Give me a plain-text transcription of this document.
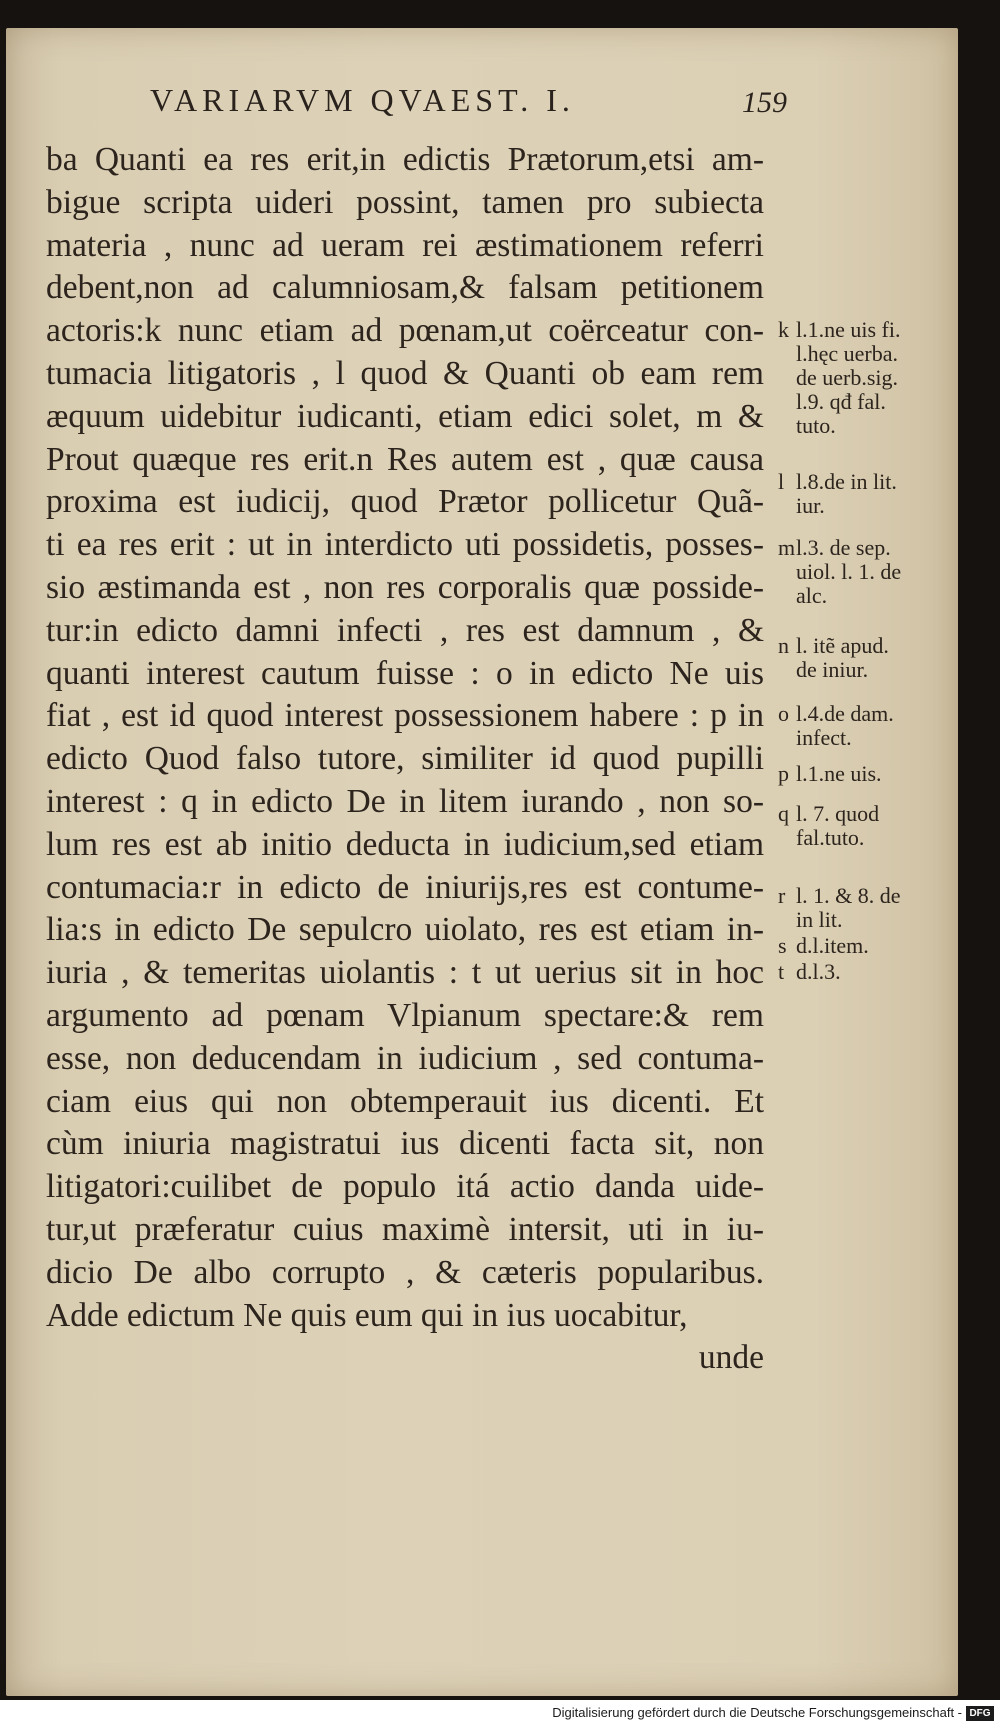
VARIARVM QVAEST. I.	159
ba Quanti ea res erit,in edictis Prætorum,etsi am-
bigue scripta uideri possint, tamen pro subiecta
materia , nunc ad ueram rei æstimationem referri
debent,non ad calumniosam,& falsam petitionem
actoris:k nunc etiam ad pœnam,ut coërceatur con-
tumacia litigatoris , l quod & Quanti ob eam rem
æquum uidebitur iudicanti, etiam edici solet, m &
Prout quæque res erit.n Res autem est , quæ causa
proxima est iudicij, quod Prætor pollicetur Quã-
ti ea res erit : ut in interdicto uti possidetis, posses-
sio æstimanda est , non res corporalis quæ posside-
tur:in edicto damni infecti , res est damnum , &
quanti interest cautum fuisse : o in edicto Ne uis
fiat , est id quod interest possessionem habere : p in
edicto Quod falso tutore, similiter id quod pupilli
interest : q in edicto De in litem iurando , non so-
lum res est ab initio deducta in iudicium,sed etiam
contumacia:r in edicto de iniurijs,res est contume-
lia:s in edicto De sepulcro uiolato, res est etiam in-
iuria , & temeritas uiolantis : t ut uerius sit in hoc
argumento ad pœnam Vlpianum spectare:& rem
esse, non deducendam in iudicium , sed contuma-
ciam eius qui non obtemperauit ius dicenti. Et
cùm iniuria magistratui ius dicenti facta sit, non
litigatori:cuilibet de populo itá actio danda uide-
tur,ut præferatur cuius maximè intersit, uti in iu-
dicio De albo corrupto , & cæteris popularibus.
Adde edictum Ne quis eum qui in ius uocabitur,
unde
k l.1.ne uis fi.
l.hęc uerba.
de uerb.sig.
l.9. qđ fal.
tuto.
l l.8.de in lit.
iur.
ml.3. de sep.
uiol. l. 1. de
alc.
n l. itẽ apud.
de iniur.
o l.4.de dam.
infect.
p l.1.ne uis.
q l. 7. quod
fal.tuto.
r l. 1. & 8. de
in lit.
s d.l.item.
t d.l.3.
Digitalisierung gefördert durch die Deutsche Forschungsgemeinschaft - DFG
